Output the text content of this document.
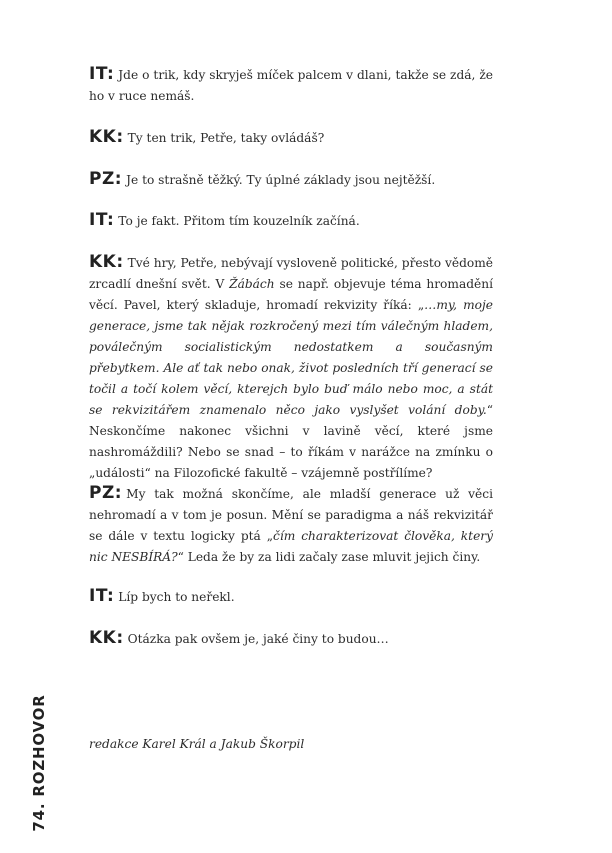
IT: Jde o trik, kdy skryješ míček palcem v dlani, takže se zdá, že ho v ruce nemáš.
KK: Ty ten trik, Petře, taky ovládáš?
PZ: Je to strašně těžký. Ty úplné základy jsou nejtěžší.
IT: To je fakt. Přitom tím kouzelník začíná.
KK: Tvé hry, Petře, nebývají vysloveně politické, přesto vědomě zrcadlí dnešní svět. V Žábách se např. objevuje téma hromadění věcí. Pavel, který skladuje, hromadí rekvizity říká: „…my, moje generace, jsme tak nějak rozkročený mezi tím válečným hladem, poválečným socialistickým nedostatkem a současným přebytkem. Ale ať tak nebo onak, život posledních tří generací se točil a točí kolem věcí, kterejch bylo buď málo nebo moc, a stát se rekvizitářem znamenalo něco jako vyslyšet volání doby.“ Neskončíme nakonec všichni v lavině věcí, které jsme nashromáždili? Nebo se snad – to říkám v narážce na zmínku o „události“ na Filozofické fakultě – vzájemně postřílíme?
PZ: My tak možná skončíme, ale mladší generace už věci nehromadí a v tom je posun. Mění se paradigma a náš rekvizitář se dále v textu logicky ptá „čím charakterizovat člověka, který nic NESBÍRÁ?“ Leda že by za lidi začaly zase mluvit jejich činy.
IT: Líp bych to neřekl.
KK: Otázka pak ovšem je, jaké činy to budou…
redakce Karel Král a Jakub Škorpil
74. ROZHOVOR
